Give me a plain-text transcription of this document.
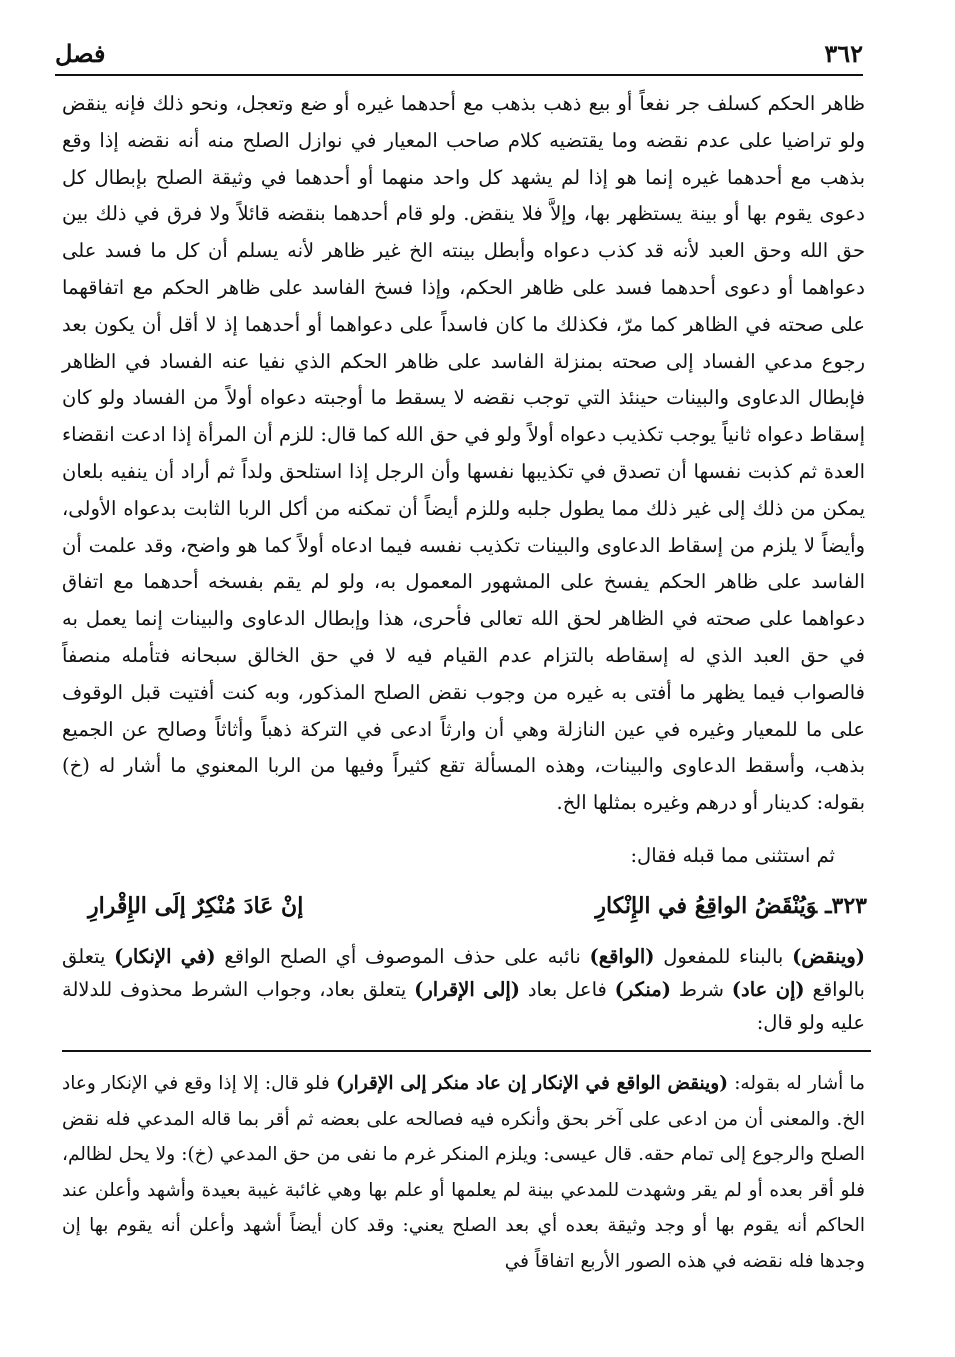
٣٦٢
فصل
ظاهر الحكم كسلف جر نفعاً أو بيع ذهب بذهب مع أحدهما غيره أو ضع وتعجل، ونحو ذلك فإنه ينقض ولو تراضيا على عدم نقضه وما يقتضيه كلام صاحب المعيار في نوازل الصلح منه أنه نقضه إذا وقع بذهب مع أحدهما غيره إنما هو إذا لم يشهد كل واحد منهما أو أحدهما في وثيقة الصلح بإبطال كل دعوى يقوم بها أو بينة يستظهر بها، وإلاَّ فلا ينقض. ولو قام أحدهما بنقضه قائلاً ولا فرق في ذلك بين حق الله وحق العبد لأنه قد كذب دعواه وأبطل بينته الخ غير ظاهر لأنه يسلم أن كل ما فسد على دعواهما أو دعوى أحدهما فسد على ظاهر الحكم، وإذا فسخ الفاسد على ظاهر الحكم مع اتفاقهما على صحته في الظاهر كما مرّ، فكذلك ما كان فاسداً على دعواهما أو أحدهما إذ لا أقل أن يكون بعد رجوع مدعي الفساد إلى صحته بمنزلة الفاسد على ظاهر الحكم الذي نفيا عنه الفساد في الظاهر فإبطال الدعاوى والبينات حينئذ التي توجب نقضه لا يسقط ما أوجبته دعواه أولاً من الفساد ولو كان إسقاط دعواه ثانياً يوجب تكذيب دعواه أولاً ولو في حق الله كما قال: للزم أن المرأة إذا ادعت انقضاء العدة ثم كذبت نفسها أن تصدق في تكذيبها نفسها وأن الرجل إذا استلحق ولداً ثم أراد أن ينفيه بلعان يمكن من ذلك إلى غير ذلك مما يطول جلبه وللزم أيضاً أن تمكنه من أكل الربا الثابت بدعواه الأولى، وأيضاً لا يلزم من إسقاط الدعاوى والبينات تكذيب نفسه فيما ادعاه أولاً كما هو واضح، وقد علمت أن الفاسد على ظاهر الحكم يفسخ على المشهور المعمول به، ولو لم يقم بفسخه أحدهما مع اتفاق دعواهما على صحته في الظاهر لحق الله تعالى فأحرى، هذا وإبطال الدعاوى والبينات إنما يعمل به في حق العبد الذي له إسقاطه بالتزام عدم القيام فيه لا في حق الخالق سبحانه فتأمله منصفاً فالصواب فيما يظهر ما أفتى به غيره من وجوب نقض الصلح المذكور، وبه كنت أفتيت قبل الوقوف على ما للمعيار وغيره في عين النازلة وهي أن وارثاً ادعى في التركة ذهباً وأثاثاً وصالح عن الجميع بذهب، وأسقط الدعاوى والبينات، وهذه المسألة تقع كثيراً وفيها من الربا المعنوي ما أشار له (خ) بقوله: كدينار أو درهم وغيره بمثلها الخ.
ثم استثنى مما قبله فقال:
٣٢٣ـوَيُنْقَضُ الواقِعُ في الإِنْكارِ
إنْ عَادَ مُنْكِرٌ إلَى الإِقْرارِ
(وينقض) بالبناء للمفعول (الواقع) نائبه على حذف الموصوف أي الصلح الواقع (في الإنكار) يتعلق بالواقع (إن عاد) شرط (منكر) فاعل بعاد (إلى الإقرار) يتعلق بعاد، وجواب الشرط محذوف للدلالة عليه ولو قال:
ما أشار له بقوله: (وينقض الواقع في الإنكار إن عاد منكر إلى الإقرار) فلو قال: إلا إذا وقع في الإنكار وعاد الخ. والمعنى أن من ادعى على آخر بحق وأنكره فيه فصالحه على بعضه ثم أقر بما قاله المدعي فله نقض الصلح والرجوع إلى تمام حقه. قال عيسى: ويلزم المنكر غرم ما نفى من حق المدعي (خ): ولا يحل لظالم، فلو أقر بعده أو لم يقر وشهدت للمدعي بينة لم يعلمها أو علم بها وهي غائبة غيبة بعيدة وأشهد وأعلن عند الحاكم أنه يقوم بها أو وجد وثيقة بعده أي بعد الصلح يعني: وقد كان أيضاً أشهد وأعلن أنه يقوم بها إن وجدها فله نقضه في هذه الصور الأربع اتفاقاً في
